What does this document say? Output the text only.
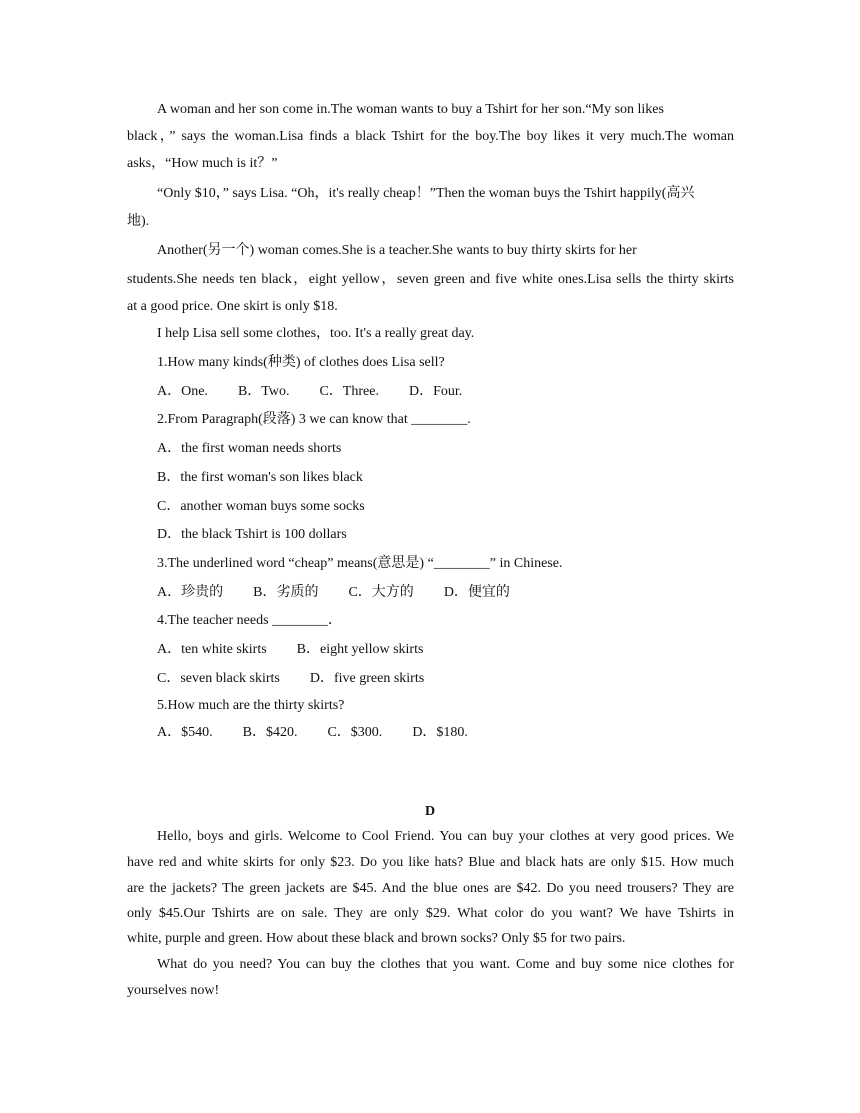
A woman and her son come in.The woman wants to buy a Tshirt for her son.“My son likes
black，” says the woman.Lisa finds a black Tshirt for the boy.The boy likes it very much.The woman
asks，“How much is it？”
“Only $10，” says Lisa. “Oh，it's really cheap！”Then the woman buys the Tshirt happily(高兴
地).
Another(另一个) woman comes.She is a teacher.She wants to buy thirty skirts for her
students.She needs ten black，eight yellow，seven green and five white ones.Lisa sells the thirty skirts
at a good price. One skirt is only $18.
I help Lisa sell some clothes，too. It's a really great day.
1.How many kinds(种类) of clothes does Lisa sell?
A．One. B．Two. C．Three. D．Four.
2.From Paragraph(段落) 3 we can know that ________.
A．the first woman needs shorts
B．the first woman's son likes black
C．another woman buys some socks
D．the black Tshirt is 100 dollars
3.The underlined word “cheap” means(意思是) “________” in Chinese.
A．珍贵的 B．劣质的 C．大方的 D．便宜的
4.The teacher needs ________．
A．ten white skirts B．eight yellow skirts
C．seven black skirts D．five green skirts
5.How much are the thirty skirts?
A．$540. B．$420. C．$300. D．$180.
D
Hello, boys and girls. Welcome to Cool Friend. You can buy your clothes at very good prices. We
have red and white skirts for only $23. Do you like hats? Blue and black hats are only $15. How much
are the jackets? The green jackets are $45. And the blue ones are $42. Do you need trousers? They are
only $45.Our Tshirts are on sale. They are only $29. What color do you want? We have Tshirts in
white, purple and green. How about these black and brown socks? Only $5 for two pairs.
What do you need? You can buy the clothes that you want. Come and buy some nice clothes for
yourselves now!
